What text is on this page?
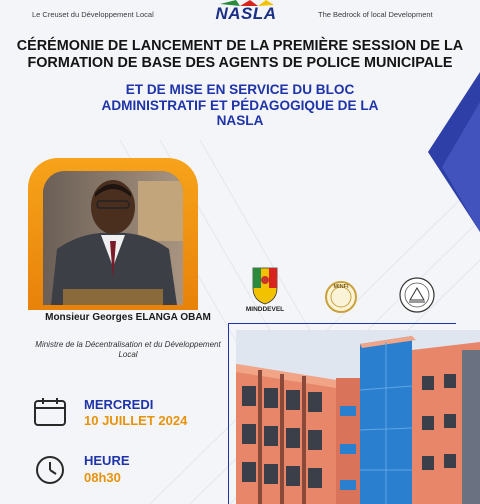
Le Creuset du Développement Local	The Bedrock of local Development
NASLA
CÉRÉMONIE DE LANCEMENT DE LA PREMIÈRE SESSION DE LA FORMATION DE BASE DES AGENTS DE POLICE MUNICIPALE
ET DE MISE EN SERVICE DU BLOC ADMINISTRATIF ET PÉDAGOGIQUE DE LA NASLA
Monsieur Georges ELANGA OBAM
Ministre de la Décentralisation et du Développement Local
MINDDEVEL
MINFI
MERCREDI
10 JUILLET 2024
HEURE
08h30
